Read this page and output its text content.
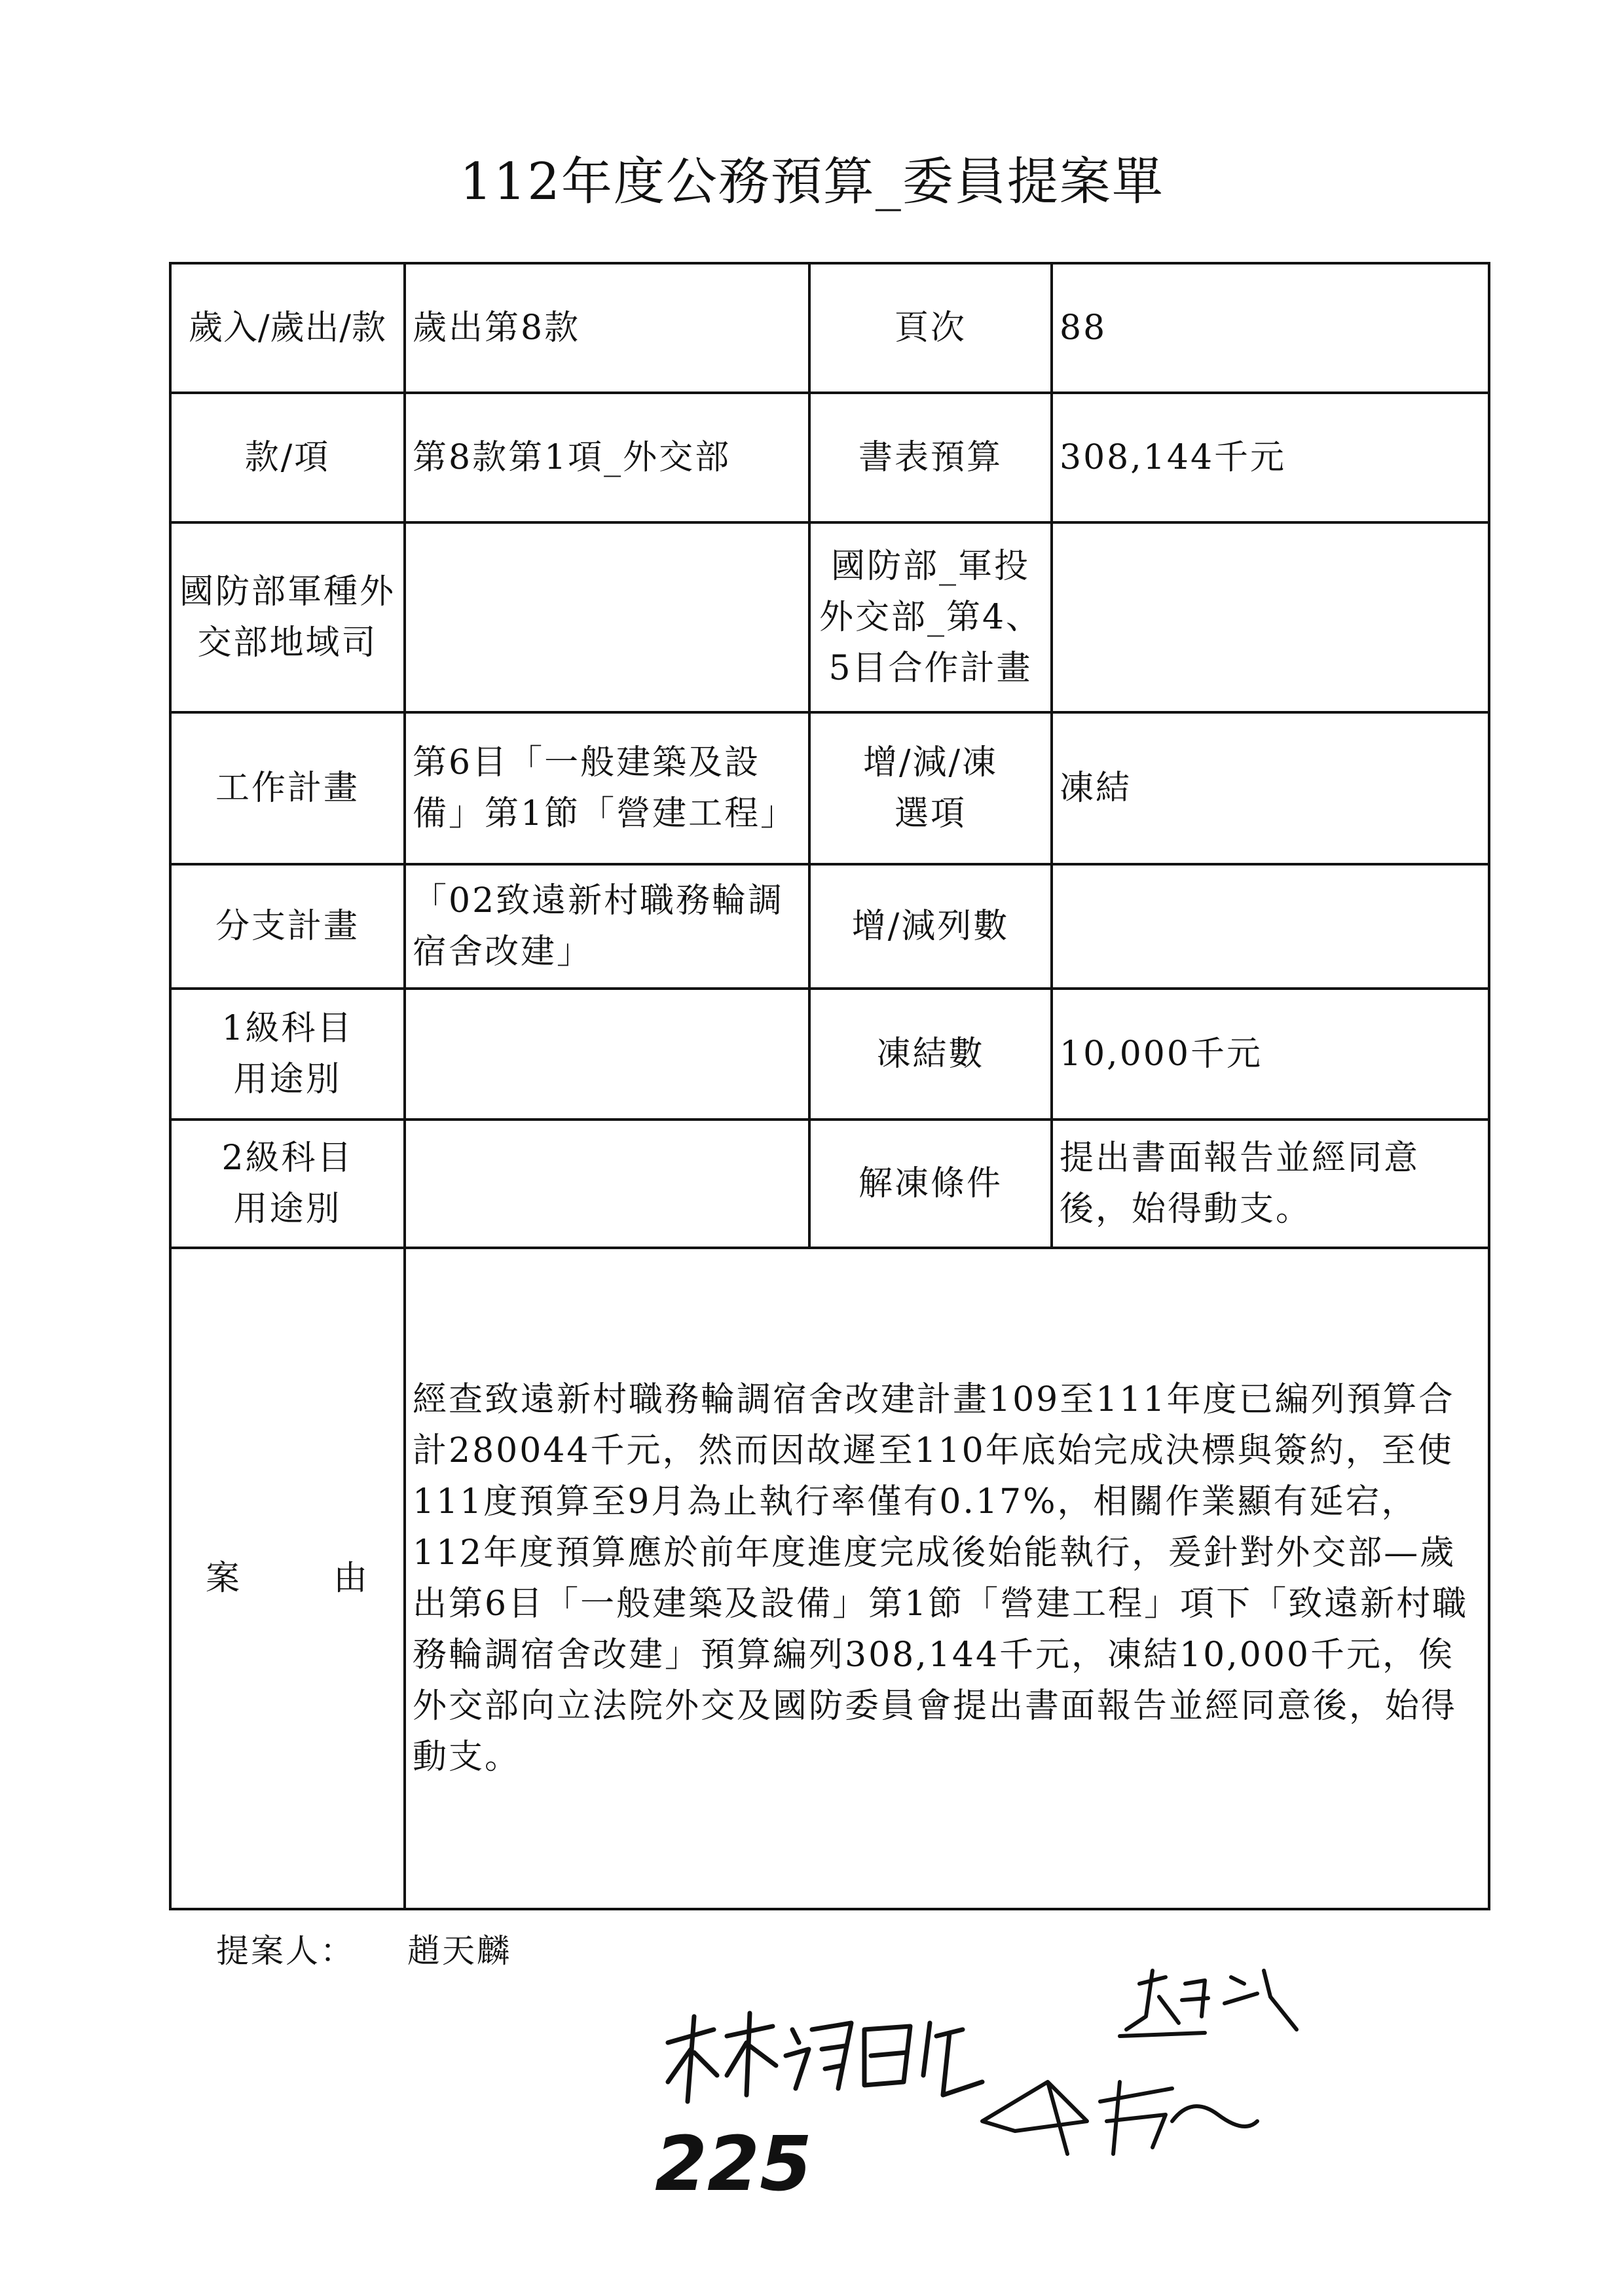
112年度公務預算_委員提案單
歲入/歲出/款	歲出第8款	頁次	88
款/項	第8款第1項_外交部	書表預算	308,144千元
國防部軍種外交部地域司		國防部_軍投外交部_第4、5目合作計畫	
工作計畫	第6目「一般建築及設備」第1節「營建工程」	增/減/凍選項	凍結
分支計畫	「02致遠新村職務輪調宿舍改建」	增/減列數	
1級科目用途別		凍結數	10,000千元
2級科目用途別		解凍條件	提出書面報告並經同意後，始得動支。
案 由	經查致遠新村職務輪調宿舍改建計畫109至111年度已編列預算合計280044千元，然而因故遲至110年底始完成決標與簽約，至使111度預算至9月為止執行率僅有0.17%，相關作業顯有延宕，112年度預算應於前年度進度完成後始能執行，爰針對外交部—歲出第6目「一般建築及設備」第1節「營建工程」項下「致遠新村職務輪調宿舍改建」預算編列308,144千元，凍結10,000千元，俟外交部向立法院外交及國防委員會提出書面報告並經同意後，始得動支。		
提案人： 趙天麟
225
